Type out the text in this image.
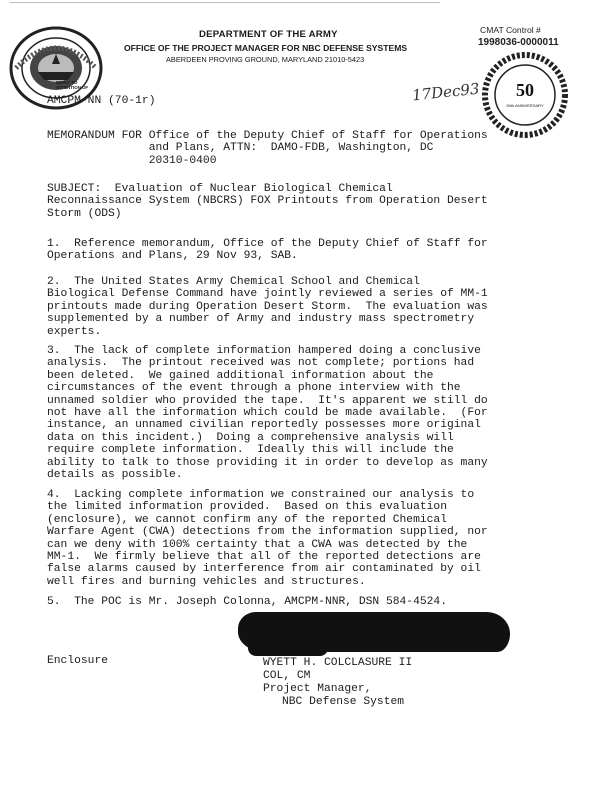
DEPARTMENT OF THE ARMY
OFFICE OF THE PROJECT MANAGER FOR NBC DEFENSE SYSTEMS
ABERDEEN PROVING GROUND, MARYLAND 21010-5423
REPLY TO
ATTENTION OF
AMCPM-NN (70-1r)
CMAT Control #
1998036-0000011
50
50th ANNIVERSARY
17Dec93
MEMORANDUM FOR Office of the Deputy Chief of Staff for Operations
and Plans, ATTN:  DAMO-FDB, Washington, DC
20310-0400
SUBJECT:  Evaluation of Nuclear Biological Chemical
Reconnaissance System (NBCRS) FOX Printouts from Operation Desert
Storm (ODS)
1.  Reference memorandum, Office of the Deputy Chief of Staff for
Operations and Plans, 29 Nov 93, SAB.
2.  The United States Army Chemical School and Chemical
Biological Defense Command have jointly reviewed a series of MM-1
printouts made during Operation Desert Storm.  The evaluation was
supplemented by a number of Army and industry mass spectrometry
experts.
3.  The lack of complete information hampered doing a conclusive
analysis.  The printout received was not complete; portions had
been deleted.  We gained additional information about the
circumstances of the event through a phone interview with the
unnamed soldier who provided the tape.  It's apparent we still do
not have all the information which could be made available.  (For
instance, an unnamed civilian reportedly possesses more original
data on this incident.)  Doing a comprehensive analysis will
require complete information.  Ideally this will include the
ability to talk to those providing it in order to develop as many
details as possible.
4.  Lacking complete information we constrained our analysis to
the limited information provided.  Based on this evaluation
(enclosure), we cannot confirm any of the reported Chemical
Warfare Agent (CWA) detections from the information supplied, nor
can we deny with 100% certainty that a CWA was detected by the
MM-1.  We firmly believe that all of the reported detections are
false alarms caused by interference from air contaminated by oil
well fires and burning vehicles and structures.
5.  The POC is Mr. Joseph Colonna, AMCPM-NNR, DSN 584-4524.
Enclosure	WYETT H. COLCLASURE II
COL, CM
Project Manager,
NBC Defense System
